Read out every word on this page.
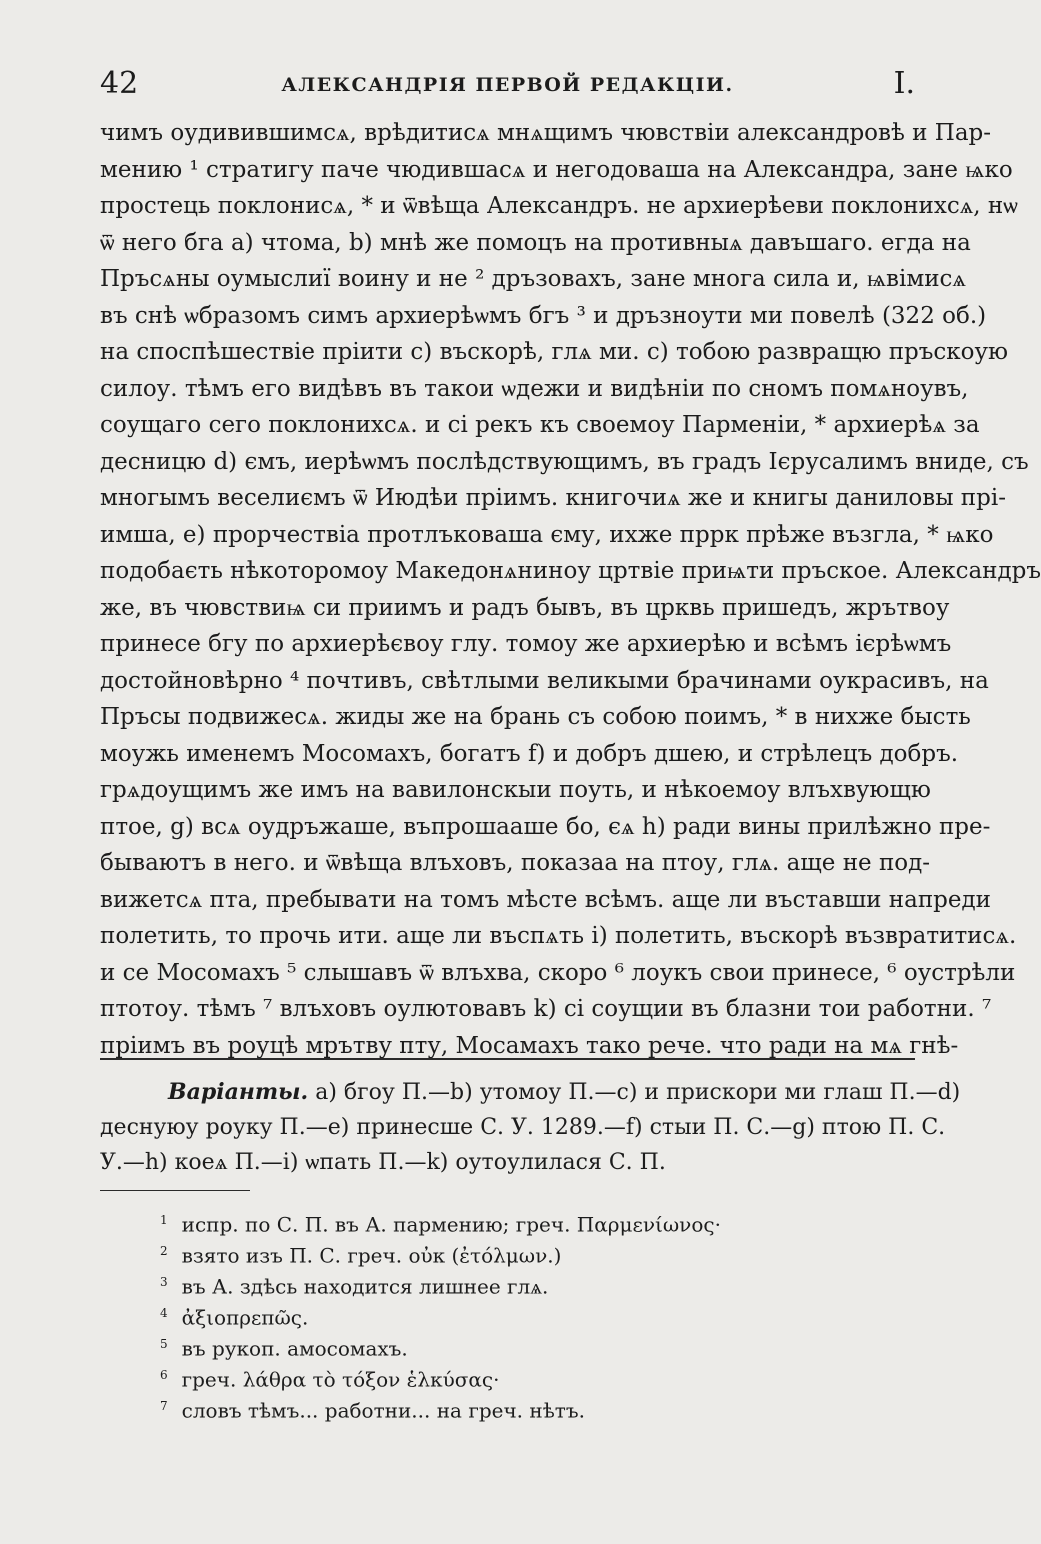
42	АЛЕКСАНДРІЯ ПЕРВОЙ РЕДАКЦІИ.	I.
чимъ оудивившимсѧ, врѣдитисѧ мнѧщимъ чювствіи александровѣ и Пар-
мению ¹ стратигу паче чюдившасѧ и негодоваша на Александра, зане ѩко
простець поклонисѧ, * и ѿвѣща Александръ. не архиерѣеви поклонихсѧ, нѡ
ѿ него бга а) чтома, b) мнѣ же помоцъ на противныѧ давъшаго. егда на
Пръсѧны оумыслиї воину и не ² дръзовахъ, зане многа сила и, ѩвімисѧ
въ снѣ ѡбразомъ симъ архиерѣѡмъ бгъ ³ и дръзноути ми повелѣ (322 об.)
на споспѣшествіе пріити с) въскорѣ, глѧ ми. с) тобою развращю пръскоую
силоу. тѣмъ его видѣвъ въ такои ѡдежи и видѣніи по сномъ помѧноувъ,
соущаго сего поклонихсѧ. и сі рекъ къ своемоу Парменіи, * архиерѣѧ за
десницю d) ємъ, иерѣѡмъ послѣдствующимъ, въ градъ Ієрусалимъ вниде, съ
многымъ веселиємъ ѿ Июдѣи пріимъ. книгочиѧ же и книгы даниловы прі-
имша, е) прорчествіа протлъковаша єму, ихже пррк прѣже възгла, * ѩко
подобаєть нѣкоторомоу Македонѧниноу цртвіе приѩти пръское. Александръ
же, въ чювствиѩ си приимъ и радъ бывъ, въ црквь пришедъ, жрътвоу
принесе бгу по архиерѣєвоу глу. томоу же архиерѣю и всѣмъ ієрѣѡмъ
достойновѣрно ⁴ почтивъ, свѣтлыми великыми брачинами оукрасивъ, на
Пръсы подвижесѧ. жиды же на брань съ собою поимъ, * в нихже бысть
моужь именемъ Мосомахъ, богатъ f) и добръ дшею, и стрѣлецъ добръ.
грѧдоущимъ же имъ на вавилонскыи поуть, и нѣкоемоу влъхвующю
птое, g) всѧ оудръжаше, въпрошааше бо, єѧ h) ради вины прилѣжно пре-
бываютъ в него. и ѿвѣща влъховъ, показаа на птоу, глѧ. аще не под-
вижетсѧ пта, пребывати на томъ мѣсте всѣмъ. аще ли въставши напреди
полетить, то прочь ити. аще ли въспѧть i) полетить, въскорѣ възвратитисѧ.
и се Мосомахъ ⁵ слышавъ ѿ влъхва, скоро ⁶ лоукъ свои принесе, ⁶ оустрѣли
птотоу. тѣмъ ⁷ влъховъ оулютовавъ k) сі соущии въ блазни тои работни. ⁷
пріимъ въ роуцѣ мрътву пту, Мосамахъ тако рече. что ради на мѧ гнѣ-
Варіанты. а) бгоу П.—b) утомоу П.—с) и прискори ми глаш П.—d)
деснуюу роуку П.—е) принесше С. У. 1289.—f) стыи П. С.—g) птою П. С.
У.—h) коеѧ П.—i) ѡпать П.—k) оутоулилася С. П.
$^1$ испр. по С. П. въ А. пармению; греч. Παρμενίωνος·
$^2$ взято изъ П. С. греч. οὐκ (ἐτόλμων.)
$^3$ въ А. здѣсь находится лишнее глѧ.
$^4$ ἀξιοπρεπῶς.
$^5$ въ рукоп. амосомахъ.
$^6$ греч. λάθρα τὸ τόξον ἑλκύσας·
$^7$ словъ тѣмъ... работни... на греч. нѣтъ.
